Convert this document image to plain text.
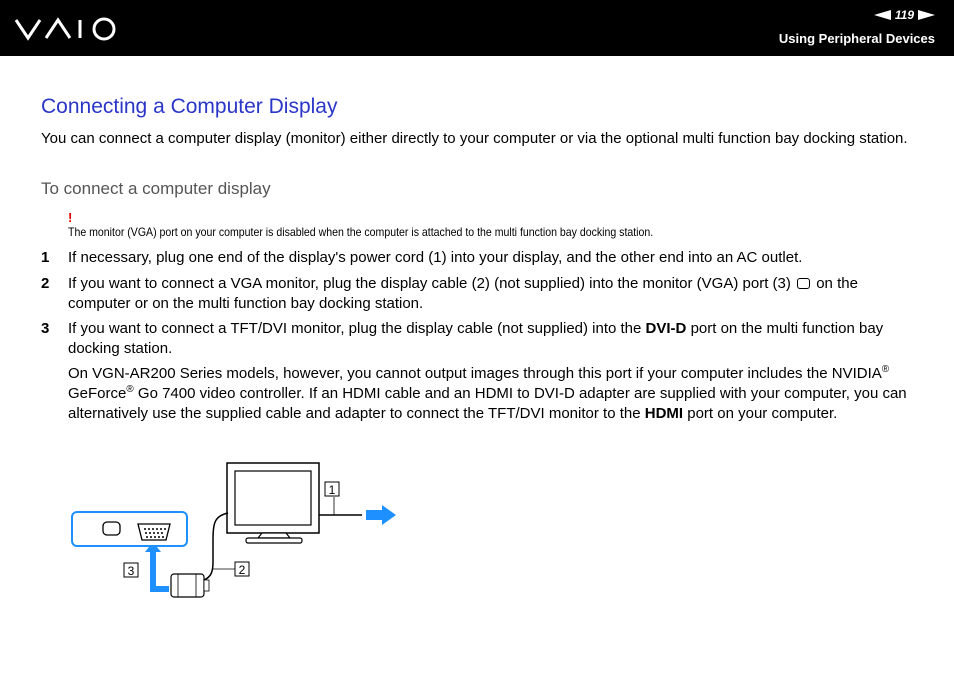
119
Using Peripheral Devices
Connecting a Computer Display
You can connect a computer display (monitor) either directly to your computer or via the optional multi function bay docking station.
To connect a computer display
!
The monitor (VGA) port on your computer is disabled when the computer is attached to the multi function bay docking station.
1 If necessary, plug one end of the display's power cord (1) into your display, and the other end into an AC outlet.
2 If you want to connect a VGA monitor, plug the display cable (2) (not supplied) into the monitor (VGA) port (3) on the computer or on the multi function bay docking station.
3 If you want to connect a TFT/DVI monitor, plug the display cable (not supplied) into the DVI-D port on the multi function bay docking station.
On VGN-AR200 Series models, however, you cannot output images through this port if your computer includes the NVIDIA® GeForce® Go 7400 video controller. If an HDMI cable and an HDMI to DVI-D adapter are supplied with your computer, you can alternatively use the supplied cable and adapter to connect the TFT/DVI monitor to the HDMI port on your computer.
1
2
3
